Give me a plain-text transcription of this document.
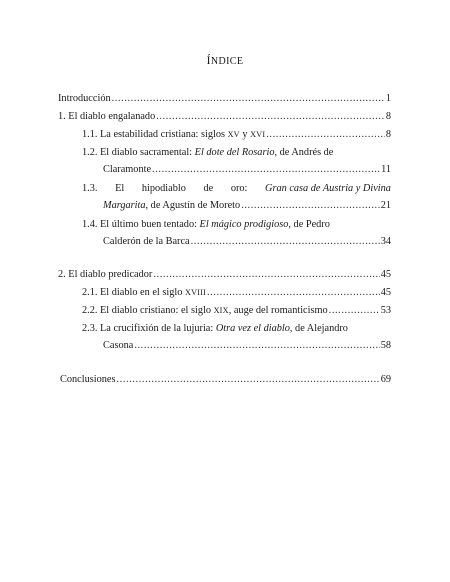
ÍNDICE
Introducción .....	1
1. El diablo engalanado .....	8
1.1. La estabilidad cristiana: siglos XV y XVI .....	8
1.2. El diablo sacramental: El dote del Rosario, de Andrés de
Claramonte .....	11
1.3. El hipodiablo de oro: Gran casa de Austria y Divina
Margarita, de Agustín de Moreto .....	21
1.4. El último buen tentado: El mágico prodigioso, de Pedro
Calderón de la Barca .....	34
2. El diablo predicador .....	45
2.1. El diablo en el siglo XVIII .....	45
2.2. El diablo cristiano: el siglo XIX, auge del romanticismo .....	53
2.3. La crucifixión de la lujuria: Otra vez el diablo, de Alejandro
Casona .....	58
Conclusiones .....	69
